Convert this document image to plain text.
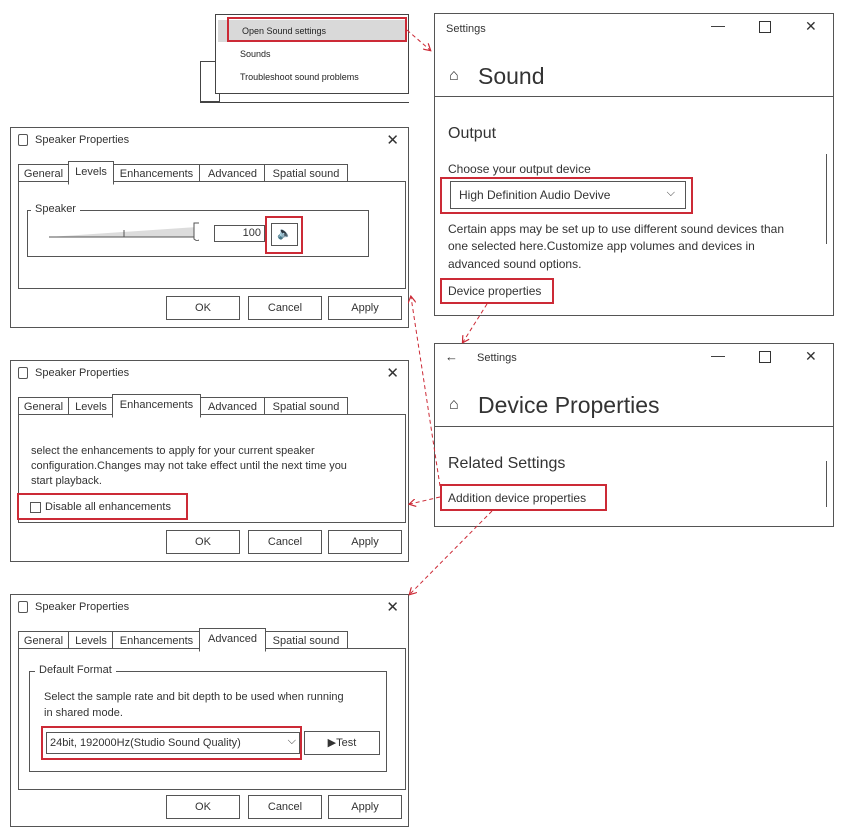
Open Sound settings
Sounds
Troubleshoot sound problems
Settings	—	✕
⌂ Sound
Output
Choose your output device
High Definition Audio Devive	⌵
Certain apps may be set up to use different sound devices than
one selected here.Customize app volumes and devices in
advanced sound options.
Device properties
← Settings	—	✕
⌂ Device Properties
Related Settings
Addition device properties
Speaker Properties	✕
General	Levels	Enhancements	Advanced	Spatial sound
Speaker
100	🔈
OK	Cancel	Apply
Speaker Properties	✕
General	Levels	Enhancements	Advanced	Spatial sound
select the enhancements to apply for your current speaker
configuration.Changes may not take effect until the next time you
start playback.
Disable all enhancements
OK	Cancel	Apply
Speaker Properties	✕
General	Levels	Enhancements	Advanced	Spatial sound
Default Format
Select the sample rate and bit depth to be used when running
in shared mode.
24bit, 192000Hz(Studio Sound Quality)	⌵	▶Test
OK	Cancel	Apply
